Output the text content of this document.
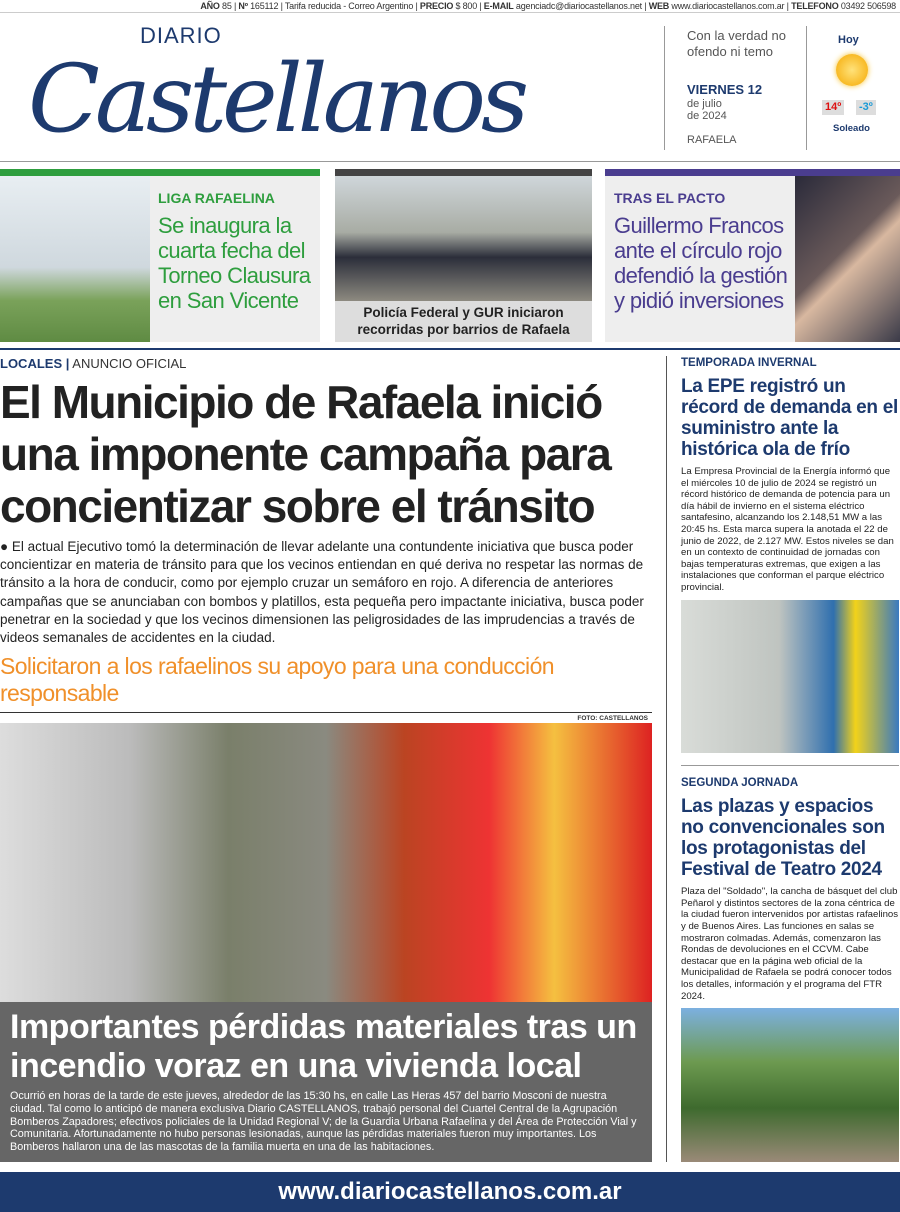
AÑO 85 | Nº 165112 | Tarifa reducida - Correo Argentino | PRECIO $ 800 | E-MAIL agenciadc@diariocastellanos.net | WEB www.diariocastellanos.com.ar | TELEFONO 03492 506598
DIARIO
Castellanos
Con la verdad no ofendo ni temo
VIERNES 12
de julio
de 2024
RAFAELA
Hoy
14º -3º
Soleado
LIGA RAFAELINA
Se inaugura la cuarta fecha del Torneo Clausura en San Vicente	Policía Federal y GUR iniciaron recorridas por barrios de Rafaela
TRAS EL PACTO
Guillermo Francos ante el círculo rojo defendió la gestión y pidió inversiones
LOCALES | ANUNCIO OFICIAL
El Municipio de Rafaela inició una imponente campaña para concientizar sobre el tránsito
● El actual Ejecutivo tomó la determinación de llevar adelante una contundente iniciativa que busca poder concientizar en materia de tránsito para que los vecinos entiendan en qué deriva no respetar las normas de tránsito a la hora de conducir, como por ejemplo cruzar un semáforo en rojo. A diferencia de anteriores campañas que se anunciaban con bombos y platillos, esta pequeña pero impactante iniciativa, busca poder penetrar en la sociedad y que los vecinos dimensionen las peligrosidades de las imprudencias a través de videos semanales de accidentes en la ciudad.
Solicitaron a los rafaelinos su apoyo para una conducción responsable
FOTO: CASTELLANOS
Importantes pérdidas materiales tras un incendio voraz en una vivienda local
Ocurrió en horas de la tarde de este jueves, alrededor de las 15:30 hs, en calle Las Heras 457 del barrio Mosconi de nuestra ciudad. Tal como lo anticipó de manera exclusiva Diario CASTELLANOS, trabajó personal del Cuartel Central de la Agrupación Bomberos Zapadores; efectivos policiales de la Unidad Regional V; de la Guardia Urbana Rafaelina y del Área de Protección Vial y Comunitaria. Afortunadamente no hubo personas lesionadas, aunque las pérdidas materiales fueron muy importantes. Los Bomberos hallaron una de las mascotas de la familia muerta en una de las habitaciones.
TEMPORADA INVERNAL
La EPE registró un récord de demanda en el suministro ante la histórica ola de frío
La Empresa Provincial de la Energía informó que el miércoles 10 de julio de 2024 se registró un récord histórico de demanda de potencia para un día hábil de invierno en el sistema eléctrico santafesino, alcanzando los 2.148,51 MW a las 20:45 hs. Esta marca supera la anotada el 22 de junio de 2022, de 2.127 MW. Estos niveles se dan en un contexto de continuidad de jornadas con bajas temperaturas extremas, que exigen a las instalaciones que conforman el parque eléctrico provincial.
SEGUNDA JORNADA
Las plazas y espacios no convencionales son los protagonistas del Festival de Teatro 2024
Plaza del "Soldado", la cancha de básquet del club Peñarol y distintos sectores de la zona céntrica de la ciudad fueron intervenidos por artistas rafaelinos y de Buenos Aires. Las funciones en salas se mostraron colmadas. Además, comenzaron las Rondas de devoluciones en el CCVM. Cabe destacar que en la página web oficial de la Municipalidad de Rafaela se podrá conocer todos los detalles, información y el programa del FTR 2024.
www.diariocastellanos.com.ar
